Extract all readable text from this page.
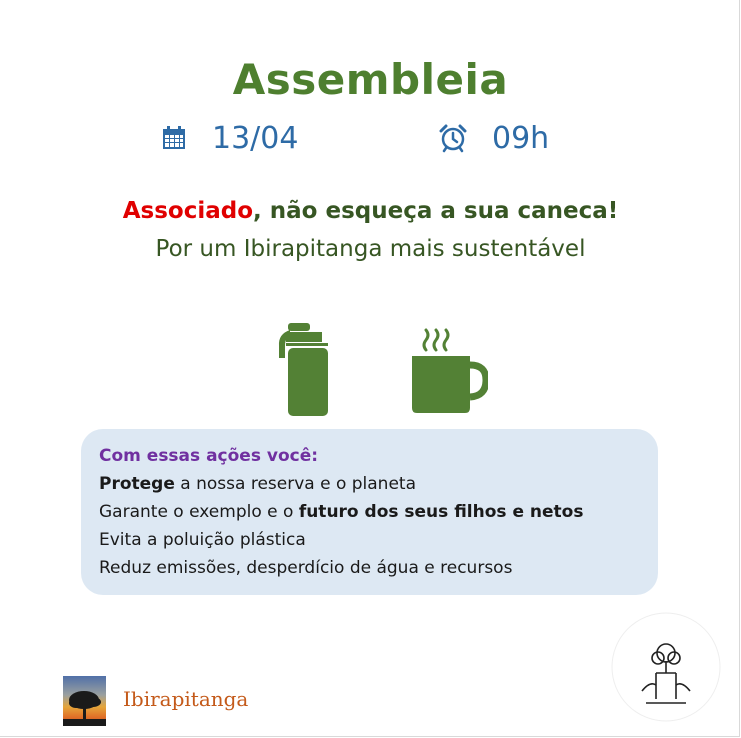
Assembleia
13/04	09h
Associado, não esqueça a sua caneca!
Por um Ibirapitanga mais sustentável
Com essas ações você:
Protege a nossa reserva e o planeta
Garante o exemplo e o futuro dos seus filhos e netos
Evita a poluição plástica
Reduz emissões, desperdício de água e recursos
Ibirapitanga
